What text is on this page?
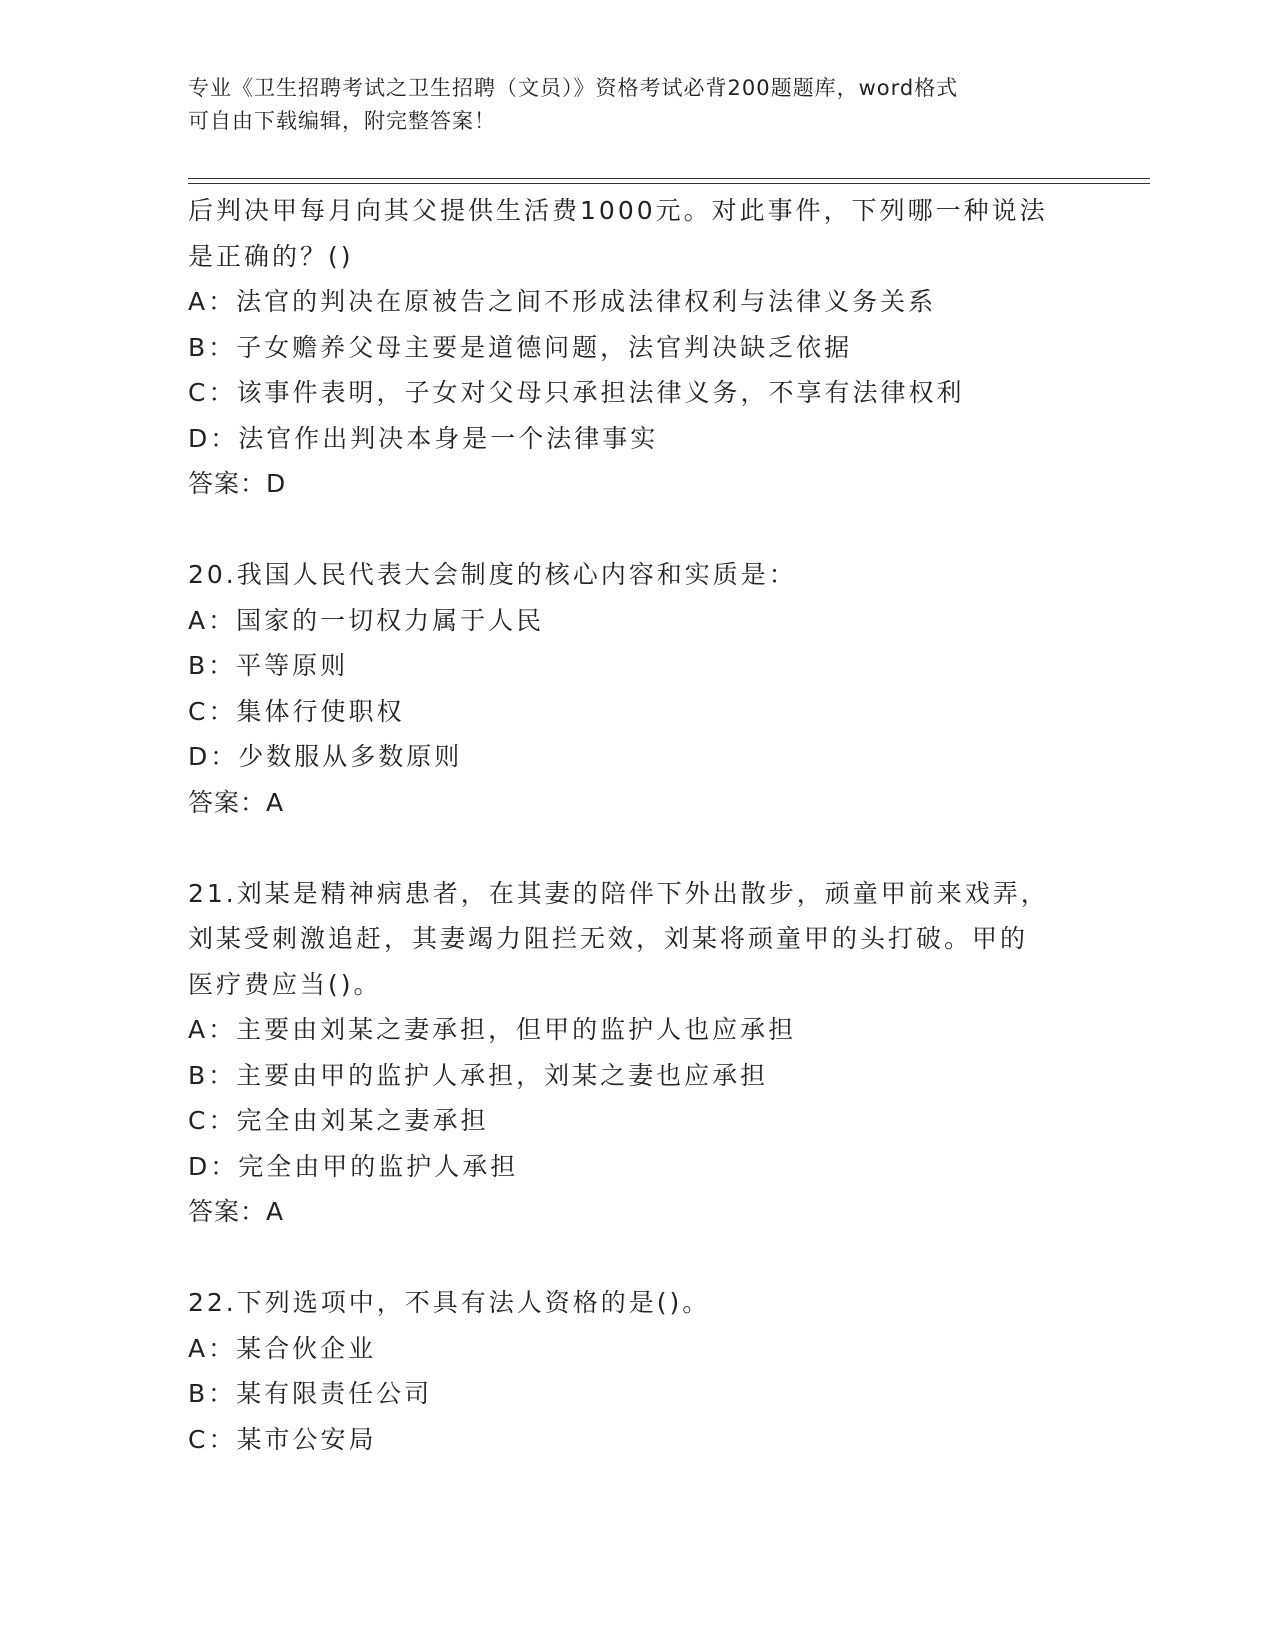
专业《卫生招聘考试之卫生招聘（文员）》资格考试必背200题题库，word格式
可自由下载编辑，附完整答案！
后判决甲每月向其父提供生活费1000元。对此事件，下列哪一种说法
是正确的？()
A：法官的判决在原被告之间不形成法律权利与法律义务关系
B：子女赡养父母主要是道德问题，法官判决缺乏依据
C：该事件表明，子女对父母只承担法律义务，不享有法律权利
D：法官作出判决本身是一个法律事实
答案：D
20.我国人民代表大会制度的核心内容和实质是：
A：国家的一切权力属于人民
B：平等原则
C：集体行使职权
D：少数服从多数原则
答案：A
21.刘某是精神病患者，在其妻的陪伴下外出散步，顽童甲前来戏弄，
刘某受刺激追赶，其妻竭力阻拦无效，刘某将顽童甲的头打破。甲的
医疗费应当()。
A：主要由刘某之妻承担，但甲的监护人也应承担
B：主要由甲的监护人承担，刘某之妻也应承担
C：完全由刘某之妻承担
D：完全由甲的监护人承担
答案：A
22.下列选项中，不具有法人资格的是()。
A：某合伙企业
B：某有限责任公司
C：某市公安局
